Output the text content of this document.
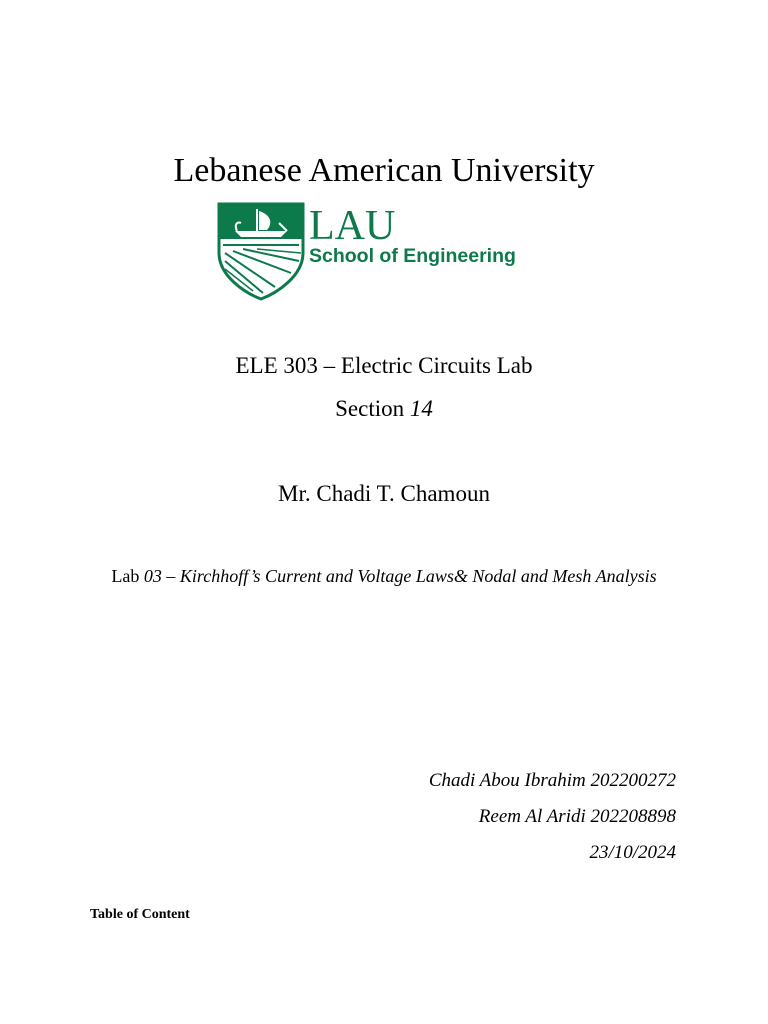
Lebanese American University
LAU
School of Engineering
ELE 303 – Electric Circuits Lab
Section 14
Mr. Chadi T. Chamoun
Lab 03 – Kirchhoff’s Current and Voltage Laws& Nodal and Mesh Analysis
Chadi Abou Ibrahim 202200272
Reem Al Aridi 202208898
23/10/2024
Table of Content
